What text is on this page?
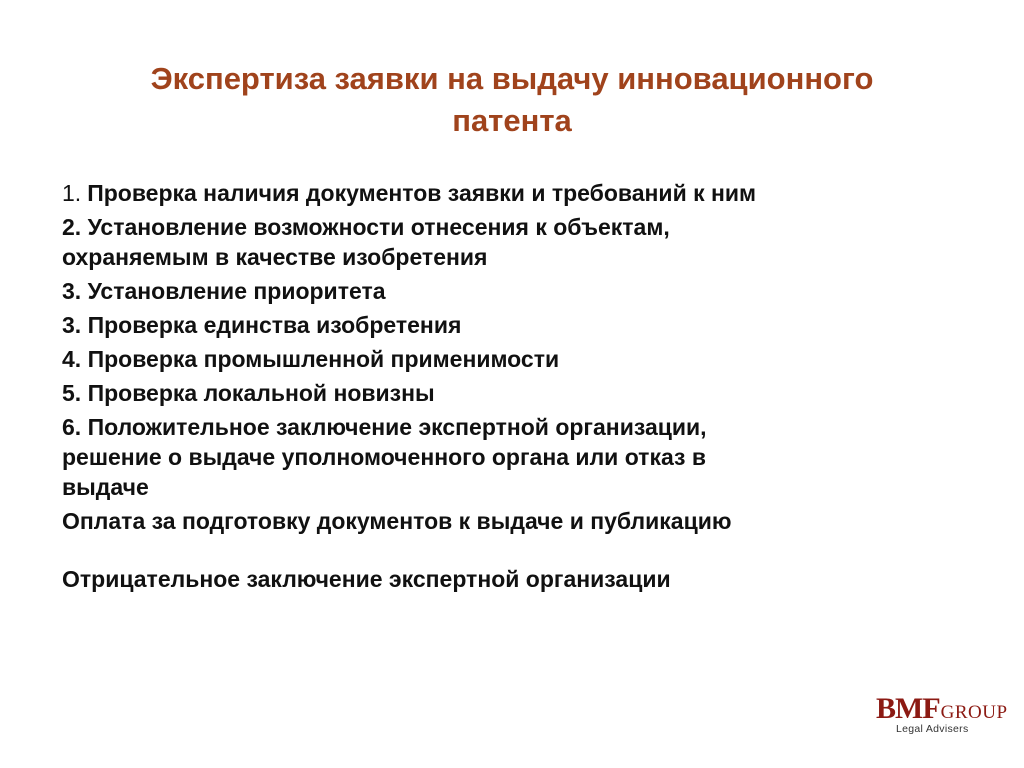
Экспертиза заявки на выдачу инновационного
патента
1. Проверка наличия документов заявки и требований к ним
2. Установление возможности отнесения к объектам,
охраняемым в качестве изобретения
3. Установление приоритета
3. Проверка единства изобретения
4. Проверка промышленной применимости
5. Проверка локальной новизны
6. Положительное заключение экспертной организации,
решение о выдаче уполномоченного органа или отказ в
выдаче
Оплата за подготовку документов к выдаче и публикацию
Отрицательное заключение экспертной организации
BMFGROUP
Legal Advisers
